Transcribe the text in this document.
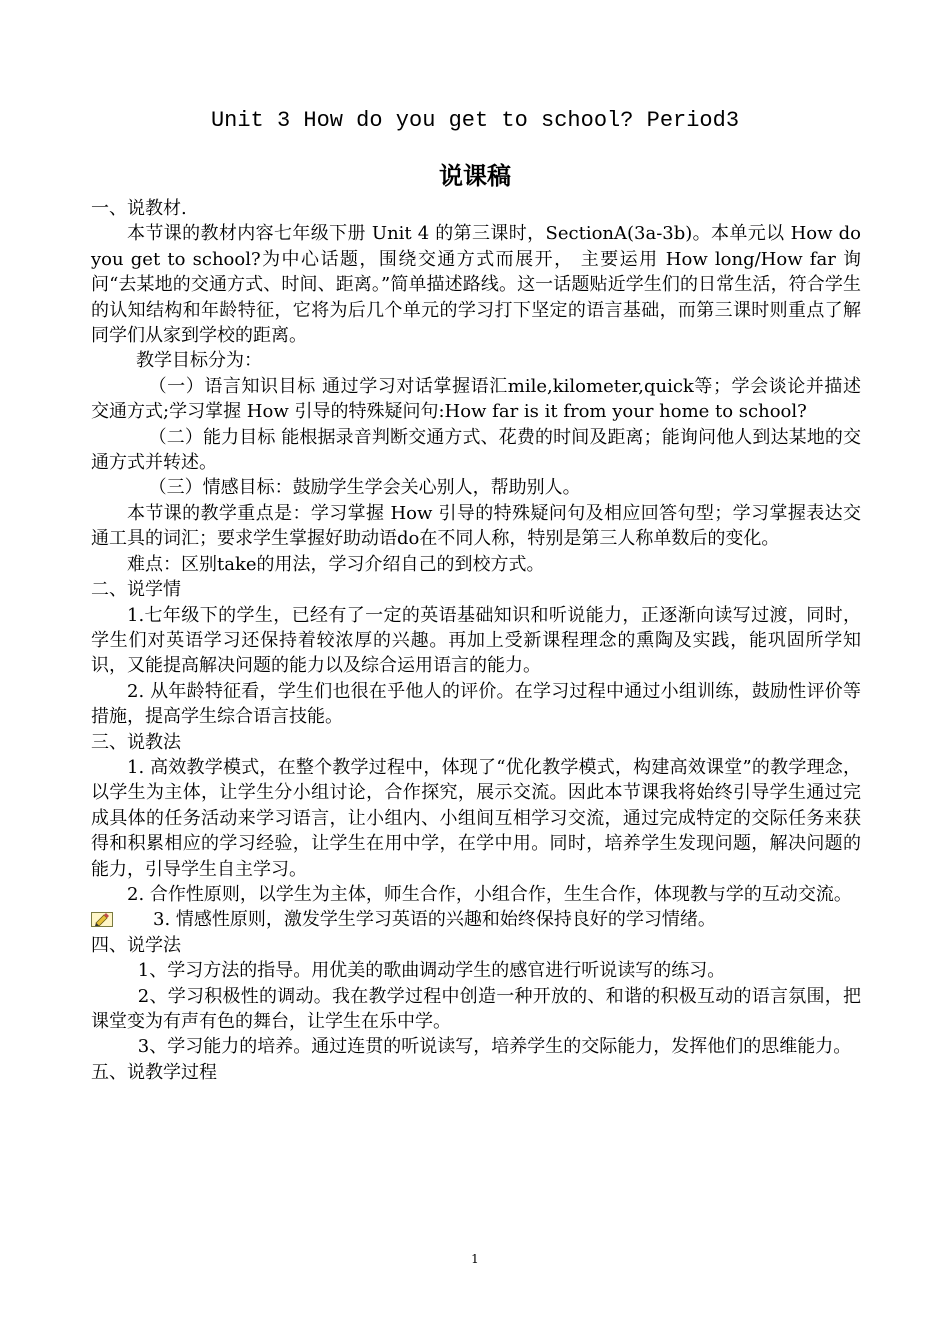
Unit 3 How do you get to school? Period3
说课稿

一、说教材.

本节课的教材内容七年级下册 Unit 4 的第三课时，SectionA(3a-3b)。本单元以 How do you get to school?为中心话题，围绕交通方式而展开， 主要运用 How long/How far 询问“去某地的交通方式、时间、距离。”简单描述路线。这一话题贴近学生们的日常生活，符合学生的认知结构和年龄特征，它将为后几个单元的学习打下坚定的语言基础，而第三课时则重点了解同学们从家到学校的距离。

教学目标分为：

（一）语言知识目标 通过学习对话掌握语汇mile,kilometer,quick等；学会谈论并描述交通方式;学习掌握 How 引导的特殊疑问句:How far is it from your home to school?

（二）能力目标 能根据录音判断交通方式、花费的时间及距离；能询问他人到达某地的交通方式并转述。

（三）情感目标：鼓励学生学会关心别人，帮助别人。

本节课的教学重点是：学习掌握 How 引导的特殊疑问句及相应回答句型；学习掌握表达交通工具的词汇；要求学生掌握好助动语do在不同人称，特别是第三人称单数后的变化。

难点：区别take的用法，学习介绍自己的到校方式。

二、说学情

1.七年级下的学生，已经有了一定的英语基础知识和听说能力，正逐渐向读写过渡，同时，学生们对英语学习还保持着较浓厚的兴趣。再加上受新课程理念的熏陶及实践，能巩固所学知识，又能提高解决问题的能力以及综合运用语言的能力。

2. 从年龄特征看，学生们也很在乎他人的评价。在学习过程中通过小组训练，鼓励性评价等措施，提高学生综合语言技能。

三、说教法

1. 高效教学模式，在整个教学过程中，体现了“优化教学模式，构建高效课堂”的教学理念，以学生为主体，让学生分小组讨论，合作探究，展示交流。因此本节课我将始终引导学生通过完成具体的任务活动来学习语言，让小组内、小组间互相学习交流，通过完成特定的交际任务来获得和积累相应的学习经验，让学生在用中学，在学中用。同时，培养学生发现问题，解决问题的能力，引导学生自主学习。

2. 合作性原则，以学生为主体，师生合作，小组合作，生生合作，体现教与学的互动交流。

3. 情感性原则，激发学生学习英语的兴趣和始终保持良好的学习情绪。

四、说学法

1、学习方法的指导。用优美的歌曲调动学生的感官进行听说读写的练习。

2、学习积极性的调动。我在教学过程中创造一种开放的、和谐的积极互动的语言氛围，把课堂变为有声有色的舞台，让学生在乐中学。

3、学习能力的培养。通过连贯的听说读写，培养学生的交际能力，发挥他们的思维能力。

五、说教学过程

1
